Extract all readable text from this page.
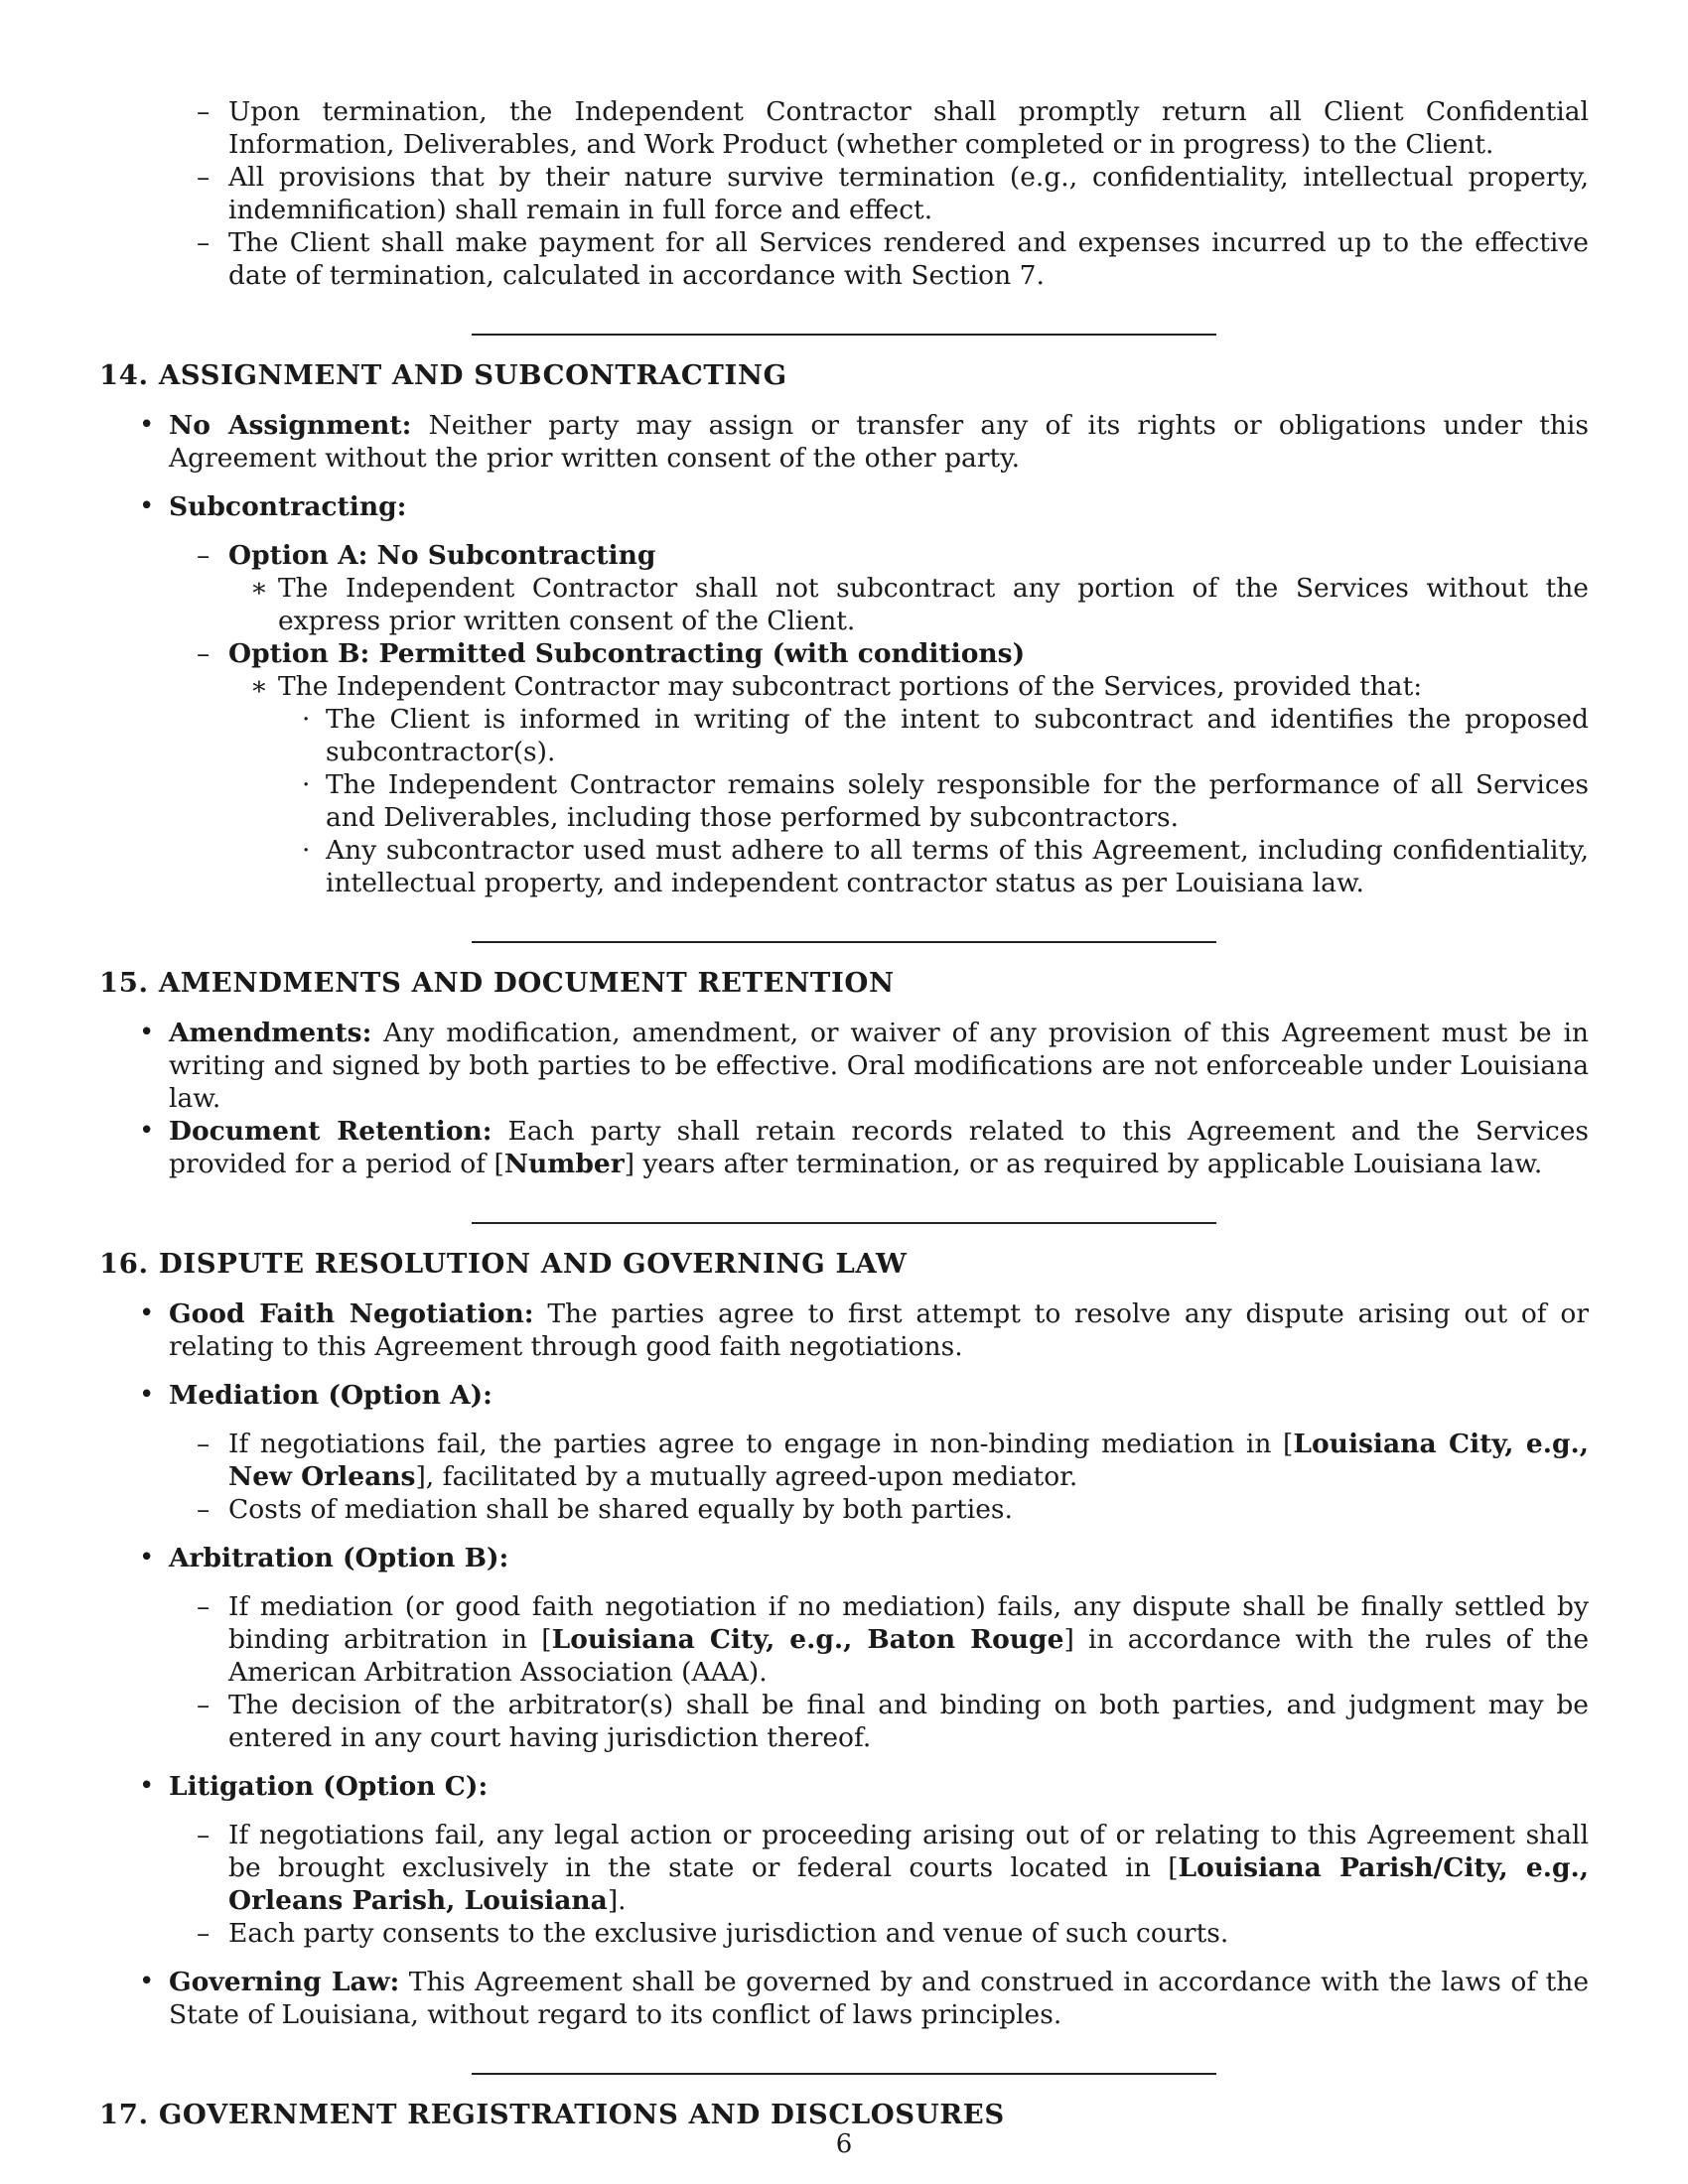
– Upon termination, the Independent Contractor shall promptly return all Client Confidential Information, Deliverables, and Work Product (whether completed or in progress) to the Client.
– All provisions that by their nature survive termination (e.g., confidentiality, intellectual property, indemnification) shall remain in full force and effect.
– The Client shall make payment for all Services rendered and expenses incurred up to the effective date of termination, calculated in accordance with Section 7.
14. ASSIGNMENT AND SUBCONTRACTING
• No Assignment: Neither party may assign or transfer any of its rights or obligations under this Agreement without the prior written consent of the other party.
• Subcontracting:
– Option A: No Subcontracting
∗ The Independent Contractor shall not subcontract any portion of the Services without the express prior written consent of the Client.
– Option B: Permitted Subcontracting (with conditions)
∗ The Independent Contractor may subcontract portions of the Services, provided that:
· The Client is informed in writing of the intent to subcontract and identifies the proposed subcontractor(s).
· The Independent Contractor remains solely responsible for the performance of all Services and Deliverables, including those performed by subcontractors.
· Any subcontractor used must adhere to all terms of this Agreement, including confidentiality, intellectual property, and independent contractor status as per Louisiana law.
15. AMENDMENTS AND DOCUMENT RETENTION
• Amendments: Any modification, amendment, or waiver of any provision of this Agreement must be in writing and signed by both parties to be effective. Oral modifications are not enforceable under Louisiana law.
• Document Retention: Each party shall retain records related to this Agreement and the Services provided for a period of [Number] years after termination, or as required by applicable Louisiana law.
16. DISPUTE RESOLUTION AND GOVERNING LAW
• Good Faith Negotiation: The parties agree to first attempt to resolve any dispute arising out of or relating to this Agreement through good faith negotiations.
• Mediation (Option A):
– If negotiations fail, the parties agree to engage in non-binding mediation in [Louisiana City, e.g., New Orleans], facilitated by a mutually agreed-upon mediator.
– Costs of mediation shall be shared equally by both parties.
• Arbitration (Option B):
– If mediation (or good faith negotiation if no mediation) fails, any dispute shall be finally settled by binding arbitration in [Louisiana City, e.g., Baton Rouge] in accordance with the rules of the American Arbitration Association (AAA).
– The decision of the arbitrator(s) shall be final and binding on both parties, and judgment may be entered in any court having jurisdiction thereof.
• Litigation (Option C):
– If negotiations fail, any legal action or proceeding arising out of or relating to this Agreement shall be brought exclusively in the state or federal courts located in [Louisiana Parish/City, e.g., Orleans Parish, Louisiana].
– Each party consents to the exclusive jurisdiction and venue of such courts.
• Governing Law: This Agreement shall be governed by and construed in accordance with the laws of the State of Louisiana, without regard to its conflict of laws principles.
17. GOVERNMENT REGISTRATIONS AND DISCLOSURES
6
